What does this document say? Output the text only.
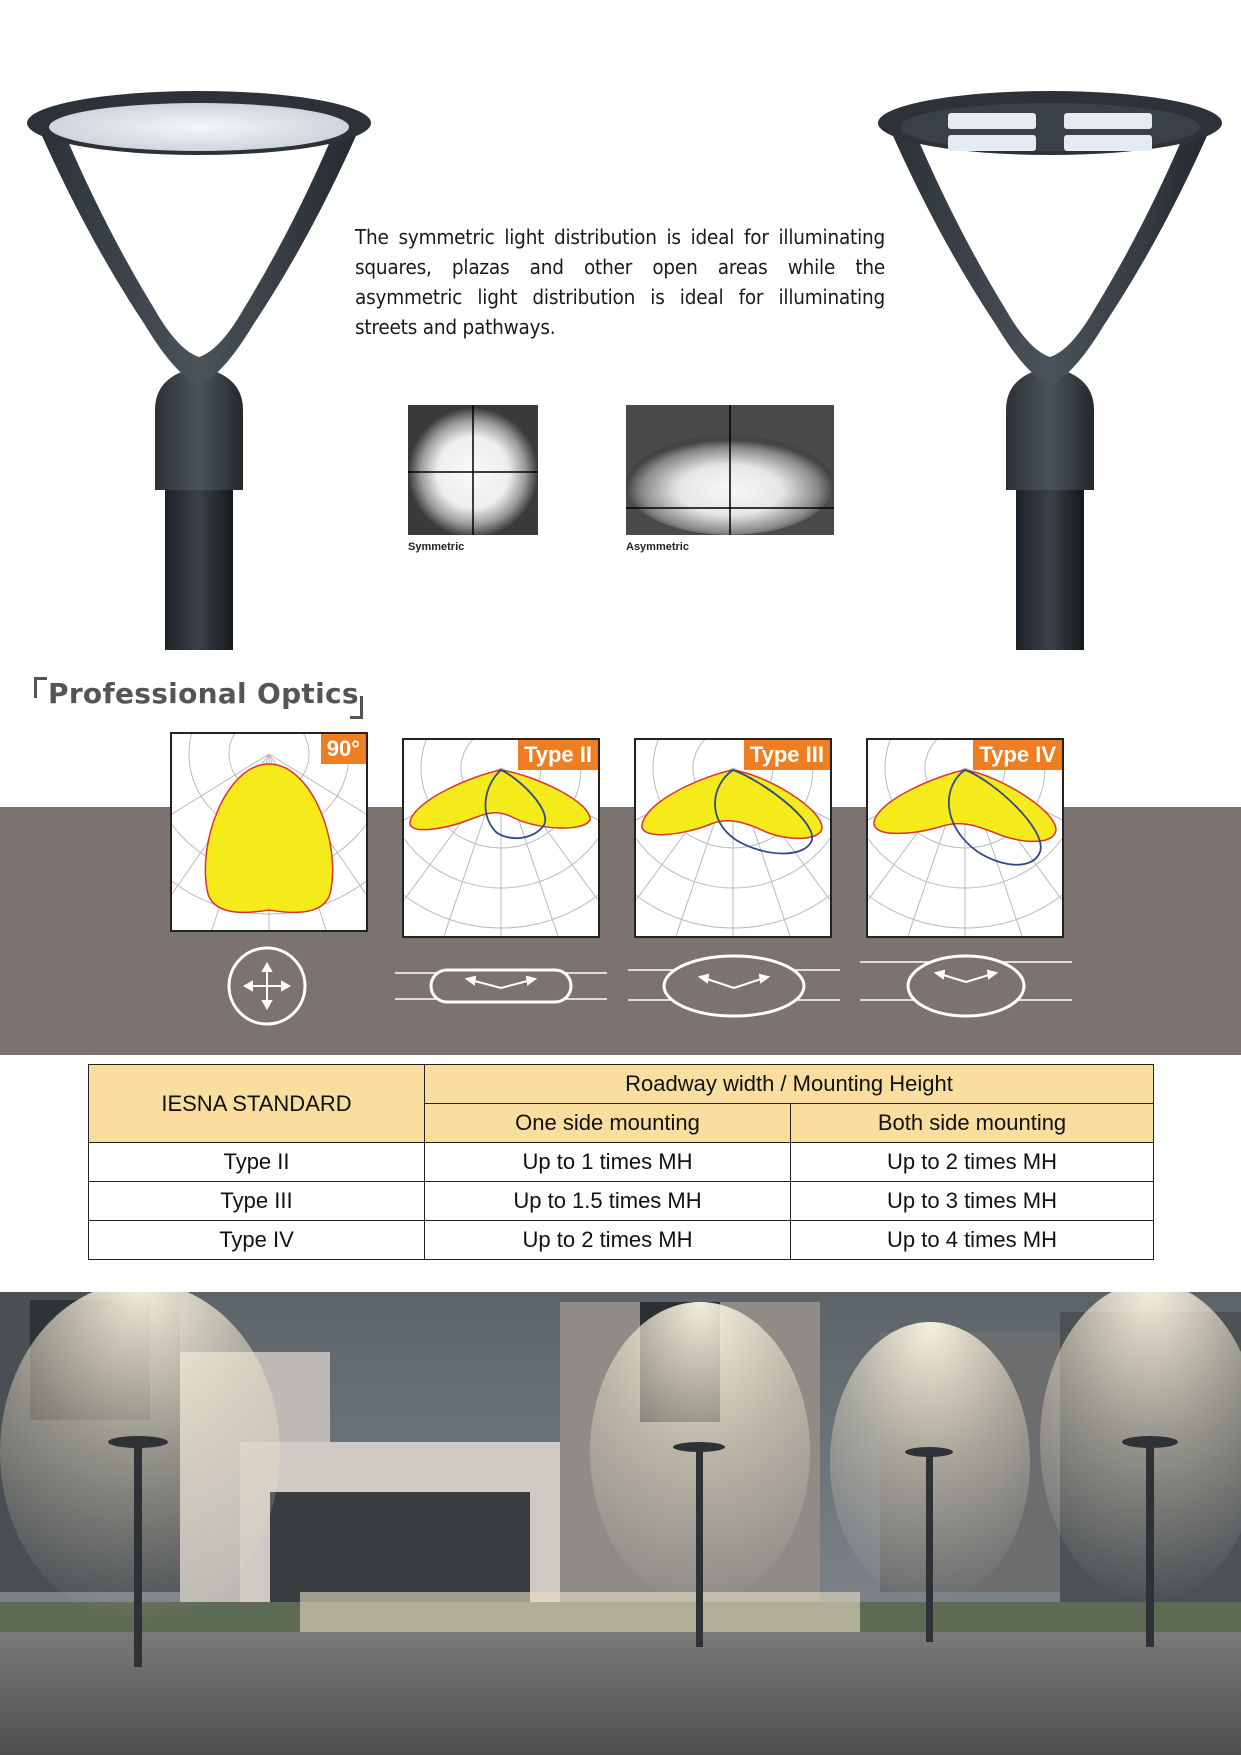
The symmetric light distribution is ideal for illuminating squares, plazas and other open areas while the asymmetric light distribution is ideal for illuminating streets and pathways.
Symmetric	Asymmetric
Professional Optics
90°	Type II	Type III	Type IV
IESNA STANDARD	Roadway width / Mounting Height	
	One side mounting	Both side mounting
Type II	Up to 1 times MH	Up to 2 times MH
Type III	Up to 1.5 times MH	Up to 3 times MH
Type IV	Up to 2 times MH	Up to 4 times MH
